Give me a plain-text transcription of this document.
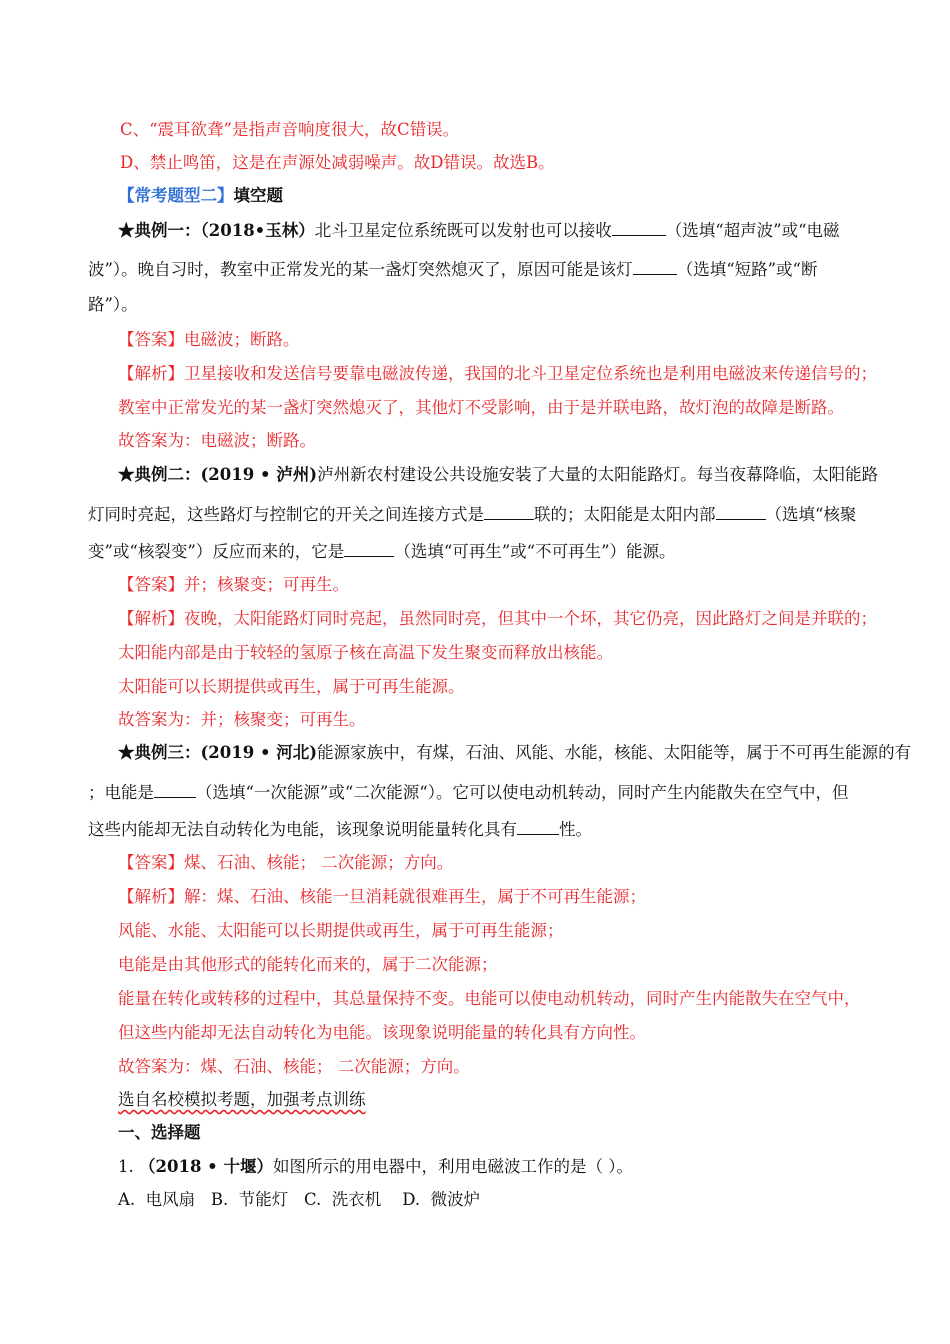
C、“震耳欲聋”是指声音响度很大，故C错误。
D、禁止鸣笛，这是在声源处减弱噪声。故D错误。故选B。
【常考题型二】填空题
★典例一：（2018•玉林）北斗卫星定位系统既可以发射也可以接收	（选填“超声波”或“电磁
波”）。晚自习时，教室中正常发光的某一盏灯突然熄灭了，原因可能是该灯	（选填“短路”或“断
路”）。
【答案】电磁波；断路。
【解析】卫星接收和发送信号要靠电磁波传递，我国的北斗卫星定位系统也是利用电磁波来传递信号的；
教室中正常发光的某一盏灯突然熄灭了，其他灯不受影响，由于是并联电路，故灯泡的故障是断路。
故答案为：电磁波；断路。
★典例二：(2019 • 泸州)泸州新农村建设公共设施安装了大量的太阳能路灯。每当夜幕降临，太阳能路
灯同时亮起，这些路灯与控制它的开关之间连接方式是	联的；太阳能是太阳内部	（选填“核聚
变”或“核裂变”）反应而来的，它是	（选填“可再生”或“不可再生”）能源。
【答案】并；核聚变；可再生。
【解析】夜晚，太阳能路灯同时亮起，虽然同时亮，但其中一个坏，其它仍亮，因此路灯之间是并联的；
太阳能内部是由于较轻的氢原子核在高温下发生聚变而释放出核能。
太阳能可以长期提供或再生，属于可再生能源。
故答案为：并；核聚变；可再生。
★典例三：(2019 • 河北)能源家族中，有煤，石油、风能、水能，核能、太阳能等，属于不可再生能源的有
；电能是	（选填“一次能源”或“二次能源“）。它可以使电动机转动，同时产生内能散失在空气中，但
这些内能却无法自动转化为电能，该现象说明能量转化具有	性。
【答案】煤、石油、核能； 二次能源；方向。
【解析】解：煤、石油、核能一旦消耗就很难再生，属于不可再生能源；
风能、水能、太阳能可以长期提供或再生，属于可再生能源；
电能是由其他形式的能转化而来的，属于二次能源；
能量在转化或转移的过程中，其总量保持不变。电能可以使电动机转动，同时产生内能散失在空气中，
但这些内能却无法自动转化为电能。该现象说明能量的转化具有方向性。
故答案为：煤、石油、核能； 二次能源；方向。
选自名校模拟考题，加强考点训练
一、选择题
1. （2018 • 十堰）如图所示的用电器中，利用电磁波工作的是（ ）。
A.  电风扇   B.  节能灯   C.  洗衣机    D.  微波炉
